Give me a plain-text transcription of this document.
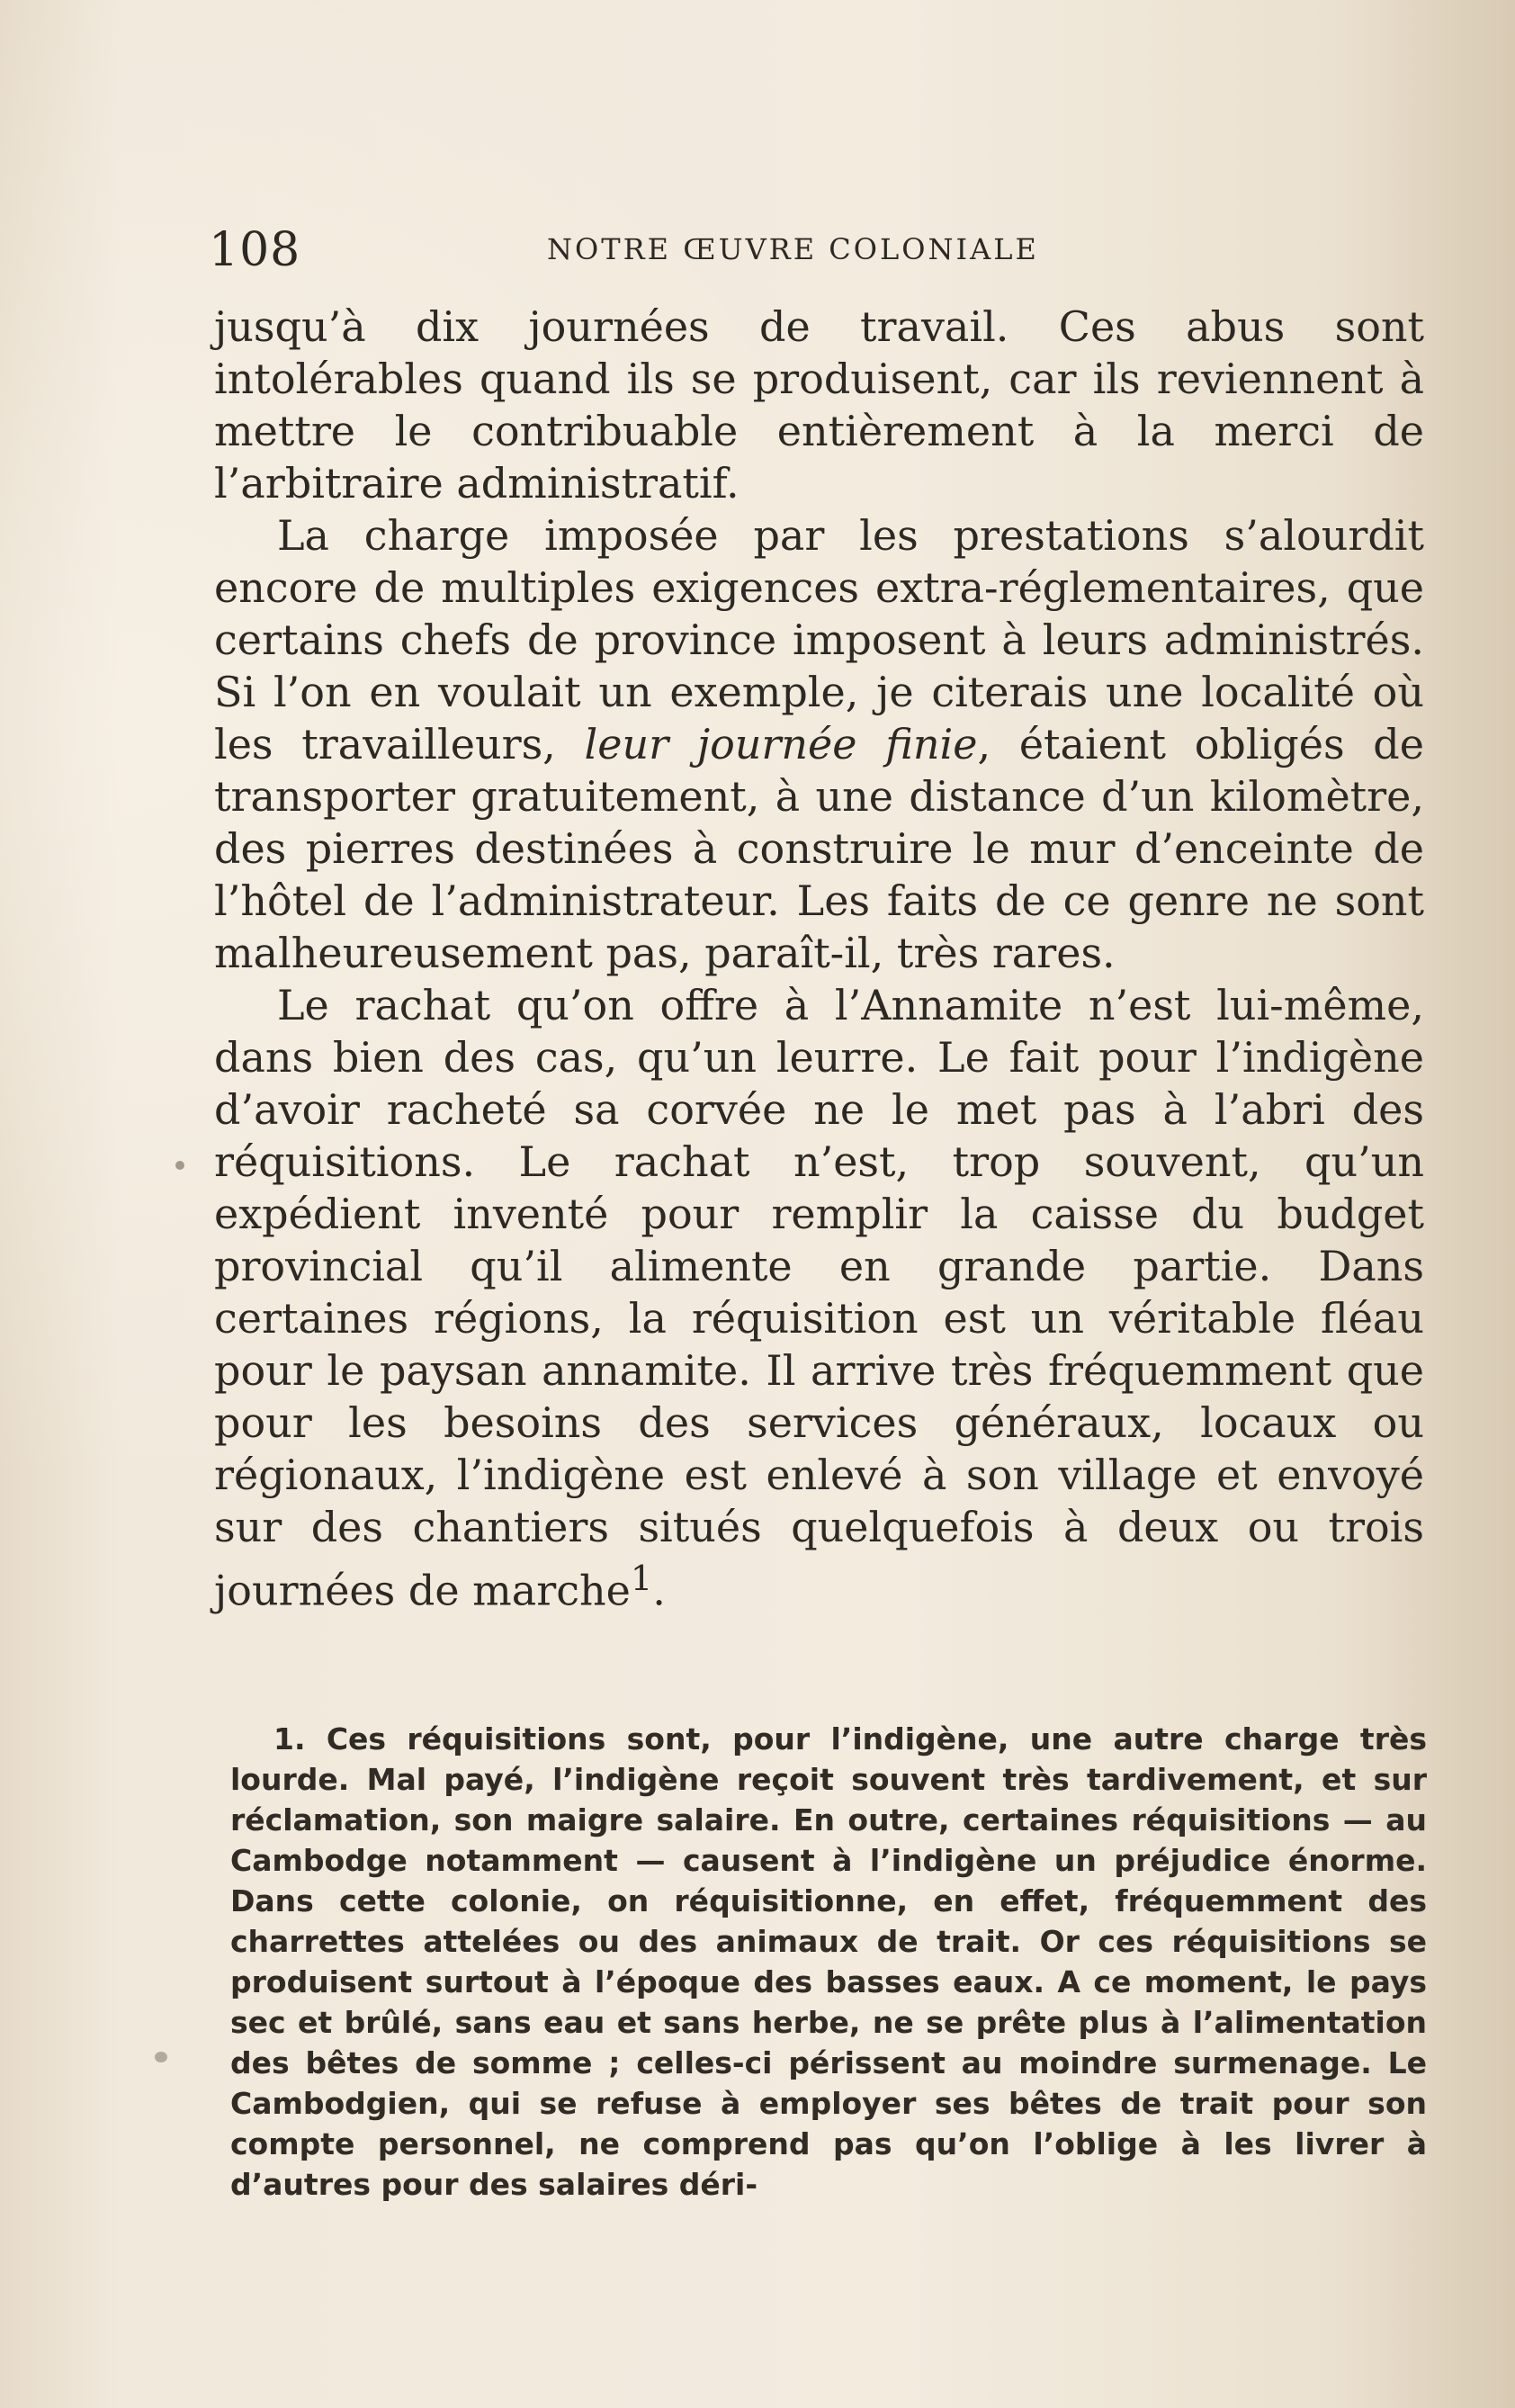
108	NOTRE ŒUVRE COLONIALE

jusqu’à dix journées de travail. Ces abus sont intolérables quand ils se produisent, car ils reviennent à mettre le contribuable entièrement à la merci de l’arbitraire administratif.

La charge imposée par les prestations s’alourdit encore de multiples exigences extra-réglementaires, que certains chefs de province imposent à leurs administrés. Si l’on en voulait un exemple, je citerais une localité où les travailleurs, leur journée finie, étaient obligés de transporter gratuitement, à une distance d’un kilomètre, des pierres destinées à construire le mur d’enceinte de l’hôtel de l’administrateur. Les faits de ce genre ne sont malheureusement pas, paraît-il, très rares.

Le rachat qu’on offre à l’Annamite n’est lui-même, dans bien des cas, qu’un leurre. Le fait pour l’indigène d’avoir racheté sa corvée ne le met pas à l’abri des réquisitions. Le rachat n’est, trop souvent, qu’un expédient inventé pour remplir la caisse du budget provincial qu’il alimente en grande partie. Dans certaines régions, la réquisition est un véritable fléau pour le paysan annamite. Il arrive très fréquemment que pour les besoins des services généraux, locaux ou régionaux, l’indigène est enlevé à son village et envoyé sur des chantiers situés quelquefois à deux ou trois journées de marche$^1$.

1. Ces réquisitions sont, pour l’indigène, une autre charge très lourde. Mal payé, l’indigène reçoit souvent très tardivement, et sur réclamation, son maigre salaire. En outre, certaines réquisitions — au Cambodge notamment — causent à l’indigène un préjudice énorme. Dans cette colonie, on réquisitionne, en effet, fréquemment des charrettes attelées ou des animaux de trait. Or ces réquisitions se produisent surtout à l’époque des basses eaux. A ce moment, le pays sec et brûlé, sans eau et sans herbe, ne se prête plus à l’alimentation des bêtes de somme ; celles-ci périssent au moindre surmenage. Le Cambodgien, qui se refuse à employer ses bêtes de trait pour son compte personnel, ne comprend pas qu’on l’oblige à les livrer à d’autres pour des salaires déri-
